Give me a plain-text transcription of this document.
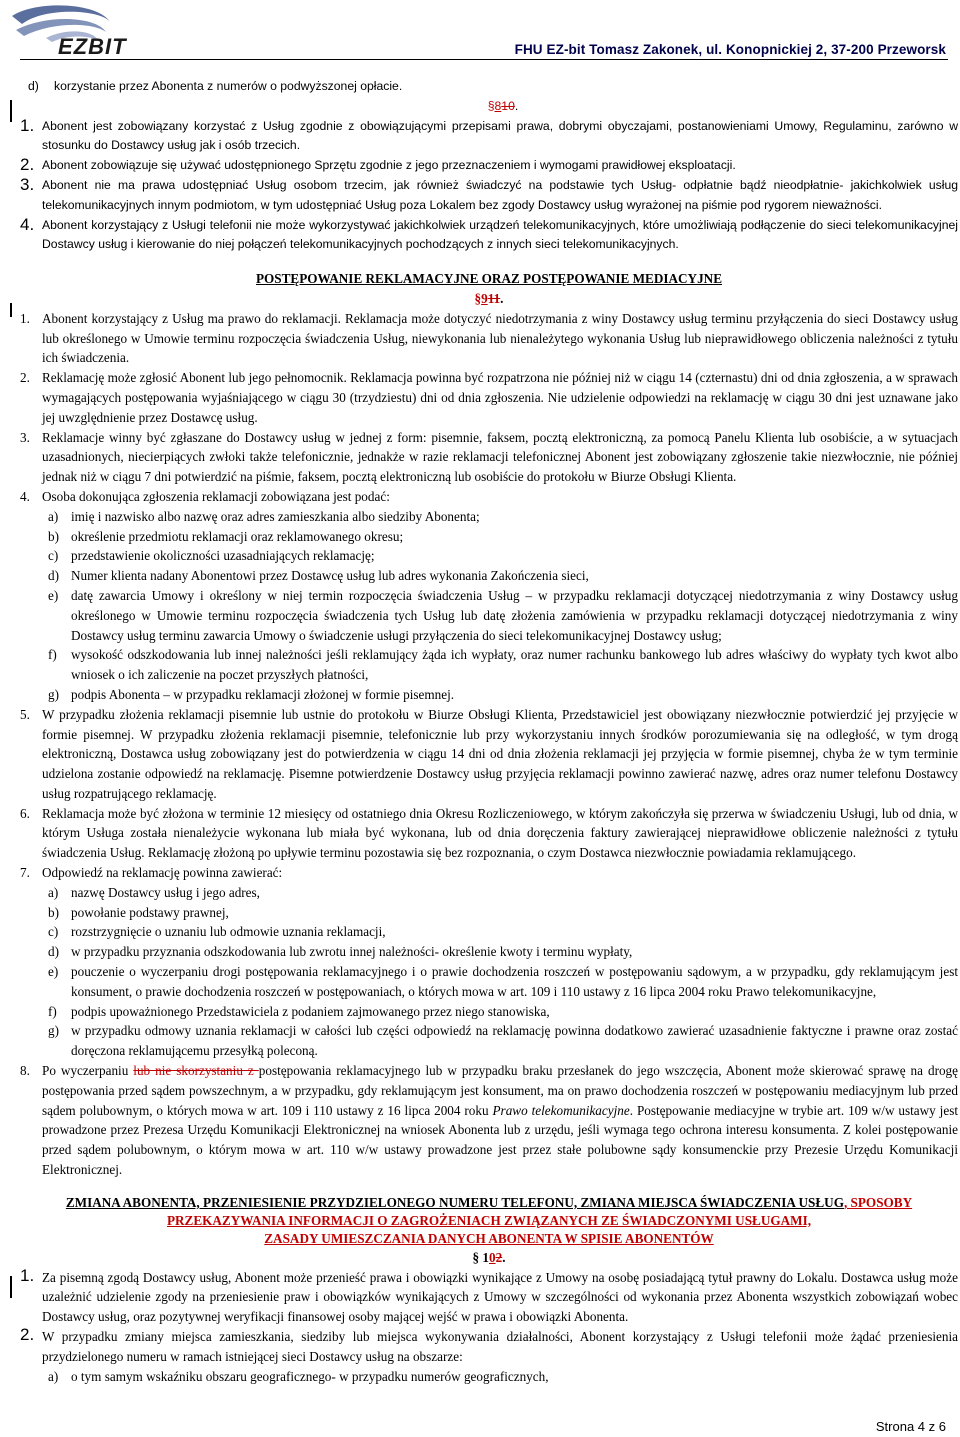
EZBIT	FHU EZ-bit Tomasz Zakonek, ul. Konopnickiej 2, 37-200 Przeworsk
d) korzystanie przez Abonenta z numerów o podwyższonej opłacie.
§810.
1. Abonent jest zobowiązany korzystać z Usług zgodnie z obowiązującymi przepisami prawa, dobrymi obyczajami, postanowieniami Umowy, Regulaminu, zarówno w stosunku do Dostawcy usług jak i osób trzecich.
2. Abonent zobowiązuje się używać udostępnionego Sprzętu zgodnie z jego przeznaczeniem i wymogami prawidłowej eksploatacji.
3. Abonent nie ma prawa udostępniać Usług osobom trzecim, jak również świadczyć na podstawie tych Usług- odpłatnie bądź nieodpłatnie- jakichkolwiek usług telekomunikacyjnych innym podmiotom, w tym udostępniać Usług poza Lokalem bez zgody Dostawcy usług wyrażonej na piśmie pod rygorem nieważności.
4. Abonent korzystający z Usługi telefonii nie może wykorzystywać jakichkolwiek urządzeń telekomunikacyjnych, które umożliwiają podłączenie do sieci telekomunikacyjnej Dostawcy usług i kierowanie do niej połączeń telekomunikacyjnych pochodzących z innych sieci telekomunikacyjnych.
POSTĘPOWANIE REKLAMACYJNE ORAZ POSTĘPOWANIE MEDIACYJNE
§911.
1. Abonent korzystający z Usług ma prawo do reklamacji. Reklamacja może dotyczyć niedotrzymania z winy Dostawcy usług terminu przyłączenia do sieci Dostawcy usług lub określonego w Umowie terminu rozpoczęcia świadczenia Usług, niewykonania lub nienależytego wykonania Usług lub nieprawidłowego obliczenia należności z tytułu ich świadczenia.
2. Reklamację może zgłosić Abonent lub jego pełnomocnik. Reklamacja powinna być rozpatrzona nie później niż w ciągu 14 (czternastu) dni od dnia zgłoszenia, a w sprawach wymagających postępowania wyjaśniającego w ciągu 30 (trzydziestu) dni od dnia zgłoszenia. Nie udzielenie odpowiedzi na reklamację w ciągu 30 dni jest uznawane jako jej uwzględnienie przez Dostawcę usług.
3. Reklamacje winny być zgłaszane do Dostawcy usług w jednej z form: pisemnie, faksem, pocztą elektroniczną, za pomocą Panelu Klienta lub osobiście, a w sytuacjach uzasadnionych, niecierpiących zwłoki także telefonicznie, jednakże w razie reklamacji telefonicznej Abonent jest zobowiązany zgłoszenie takie niezwłocznie, nie później jednak niż w ciągu 7 dni potwierdzić na piśmie, faksem, pocztą elektroniczną lub osobiście do protokołu w Biurze Obsługi Klienta.
4. Osoba dokonująca zgłoszenia reklamacji zobowiązana jest podać:
a) imię i nazwisko albo nazwę oraz adres zamieszkania albo siedziby Abonenta;
b) określenie przedmiotu reklamacji oraz reklamowanego okresu;
c) przedstawienie okoliczności uzasadniających reklamację;
d) Numer klienta nadany Abonentowi przez Dostawcę usług lub adres wykonania Zakończenia sieci,
e) datę zawarcia Umowy i określony w niej termin rozpoczęcia świadczenia Usług – w przypadku reklamacji dotyczącej niedotrzymania z winy Dostawcy usług określonego w Umowie terminu rozpoczęcia świadczenia tych Usług lub datę złożenia zamówienia w przypadku reklamacji dotyczącej niedotrzymania z winy Dostawcy usług terminu zawarcia Umowy o świadczenie usługi przyłączenia do sieci telekomunikacyjnej Dostawcy usług;
f) wysokość odszkodowania lub innej należności jeśli reklamujący żąda ich wypłaty, oraz numer rachunku bankowego lub adres właściwy do wypłaty tych kwot albo wniosek o ich zaliczenie na poczet przyszłych płatności,
g) podpis Abonenta – w przypadku reklamacji złożonej w formie pisemnej.
5. W przypadku złożenia reklamacji pisemnie lub ustnie do protokołu w Biurze Obsługi Klienta, Przedstawiciel jest obowiązany niezwłocznie potwierdzić jej przyjęcie w formie pisemnej. W przypadku złożenia reklamacji pisemnie, telefonicznie lub przy wykorzystaniu innych środków porozumiewania się na odległość, w tym drogą elektroniczną, Dostawca usług zobowiązany jest do potwierdzenia w ciągu 14 dni od dnia złożenia reklamacji jej przyjęcia w formie pisemnej, chyba że w tym terminie udzielona zostanie odpowiedź na reklamację. Pisemne potwierdzenie Dostawcy usług przyjęcia reklamacji powinno zawierać nazwę, adres oraz numer telefonu Dostawcy usług rozpatrującego reklamację.
6. Reklamacja może być złożona w terminie 12 miesięcy od ostatniego dnia Okresu Rozliczeniowego, w którym zakończyła się przerwa w świadczeniu Usługi, lub od dnia, w którym Usługa została nienależycie wykonana lub miała być wykonana, lub od dnia doręczenia faktury zawierającej nieprawidłowe obliczenie należności z tytułu świadczenia Usług. Reklamację złożoną po upływie terminu pozostawia się bez rozpoznania, o czym Dostawca niezwłocznie powiadamia reklamującego.
7. Odpowiedź na reklamację powinna zawierać:
a) nazwę Dostawcy usług i jego adres,
b) powołanie podstawy prawnej,
c) rozstrzygnięcie o uznaniu lub odmowie uznania reklamacji,
d) w przypadku przyznania odszkodowania lub zwrotu innej należności- określenie kwoty i terminu wypłaty,
e) pouczenie o wyczerpaniu drogi postępowania reklamacyjnego i o prawie dochodzenia roszczeń w postępowaniu sądowym, a w przypadku, gdy reklamującym jest konsument, o prawie dochodzenia roszczeń w postępowaniach, o których mowa w art. 109 i 110 ustawy z 16 lipca 2004 roku Prawo telekomunikacyjne,
f) podpis upoważnionego Przedstawiciela z podaniem zajmowanego przez niego stanowiska,
g) w przypadku odmowy uznania reklamacji w całości lub części odpowiedź na reklamację powinna dodatkowo zawierać uzasadnienie faktyczne i prawne oraz zostać doręczona reklamującemu przesyłką poleconą.
8. Po wyczerpaniu lub nie skorzystaniu z postępowania reklamacyjnego lub w przypadku braku przesłanek do jego wszczęcia, Abonent może skierować sprawę na drogę postępowania przed sądem powszechnym, a w przypadku, gdy reklamującym jest konsument, ma on prawo dochodzenia roszczeń w postępowaniu mediacyjnym lub przed sądem polubownym, o których mowa w art. 109 i 110 ustawy z 16 lipca 2004 roku Prawo telekomunikacyjne. Postępowanie mediacyjne w trybie art. 109 w/w ustawy jest prowadzone przez Prezesa Urzędu Komunikacji Elektronicznej na wniosek Abonenta lub z urzędu, jeśli wymaga tego ochrona interesu konsumenta. Z kolei postępowanie przed sądem polubownym, o którym mowa w art. 110 w/w ustawy prowadzone jest przez stałe polubowne sądy konsumenckie przy Prezesie Urzędu Komunikacji Elektronicznej.
ZMIANA ABONENTA, PRZENIESIENIE PRZYDZIELONEGO NUMERU TELEFONU, ZMIANA MIEJSCA ŚWIADCZENIA USŁUG, SPOSOBY
PRZEKAZYWANIA INFORMACJI O ZAGROŻENIACH ZWIĄZANYCH ZE ŚWIADCZONYMI USŁUGAMI,
ZASADY UMIESZCZANIA DANYCH ABONENTA W SPISIE ABONENTÓW
§ 102.
1. Za pisemną zgodą Dostawcy usług, Abonent może przenieść prawa i obowiązki wynikające z Umowy na osobę posiadającą tytuł prawny do Lokalu. Dostawca usług może uzależnić udzielenie zgody na przeniesienie praw i obowiązków wynikających z Umowy w szczególności od wykonania przez Abonenta wszystkich zobowiązań wobec Dostawcy usług, oraz pozytywnej weryfikacji finansowej osoby mającej wejść w prawa i obowiązki Abonenta.
2. W przypadku zmiany miejsca zamieszkania, siedziby lub miejsca wykonywania działalności, Abonent korzystający z Usługi telefonii może żądać przeniesienia przydzielonego numeru w ramach istniejącej sieci Dostawcy usług na obszarze:
a) o tym samym wskaźniku obszaru geograficznego- w przypadku numerów geograficznych,
Strona 4 z 6
